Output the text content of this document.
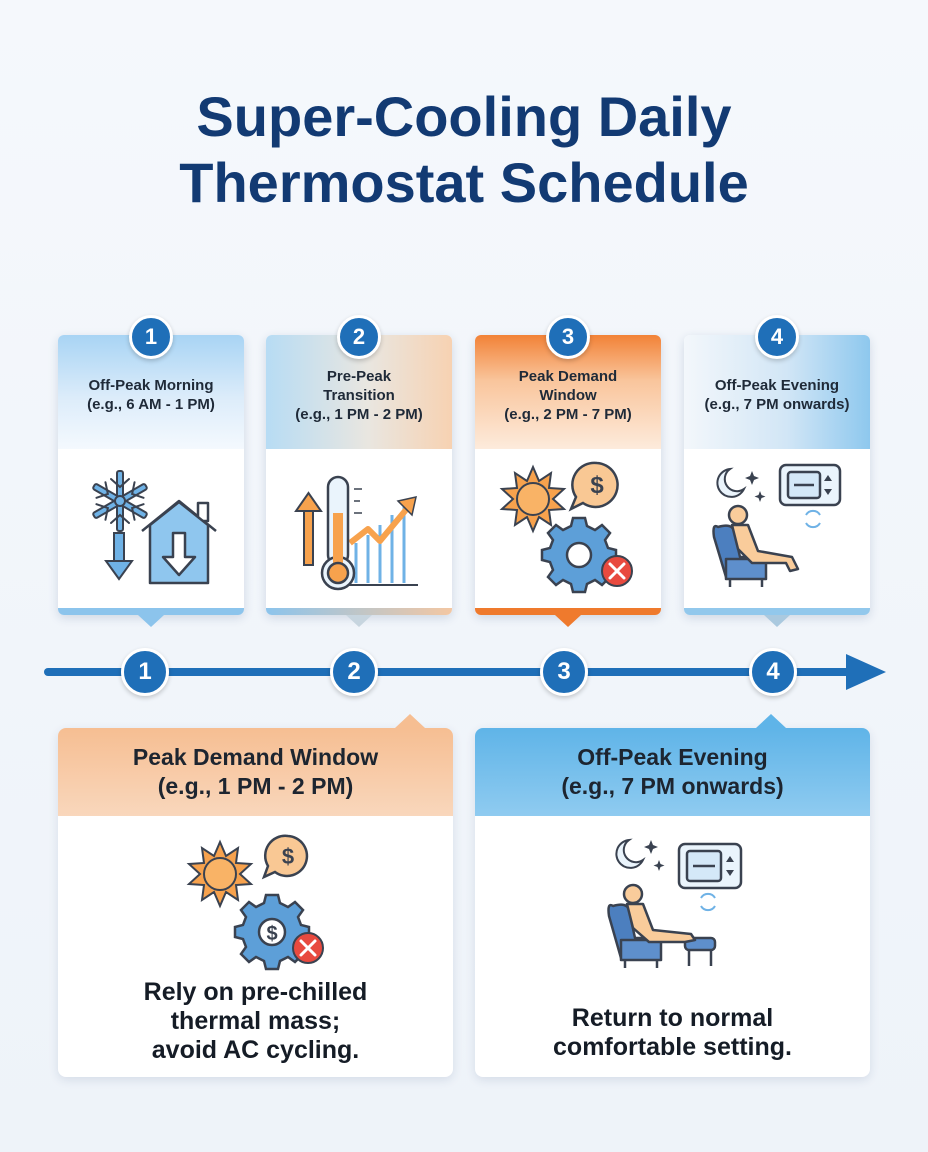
Super-Cooling Daily
Thermostat Schedule
1
Off-Peak Morning
(e.g., 6 AM - 1 PM)
2
Pre-Peak
Transition
(e.g., 1 PM - 2 PM)
3
Peak Demand
Window
(e.g., 2 PM - 7 PM)
$
4
Off-Peak Evening
(e.g., 7 PM onwards)
1	2	3	4
Peak Demand Window
(e.g., 1 PM - 2 PM)
$
$
Rely on pre-chilled
thermal mass;
avoid AC cycling.
Off-Peak Evening
(e.g., 7 PM onwards)
Return to normal
comfortable setting.
